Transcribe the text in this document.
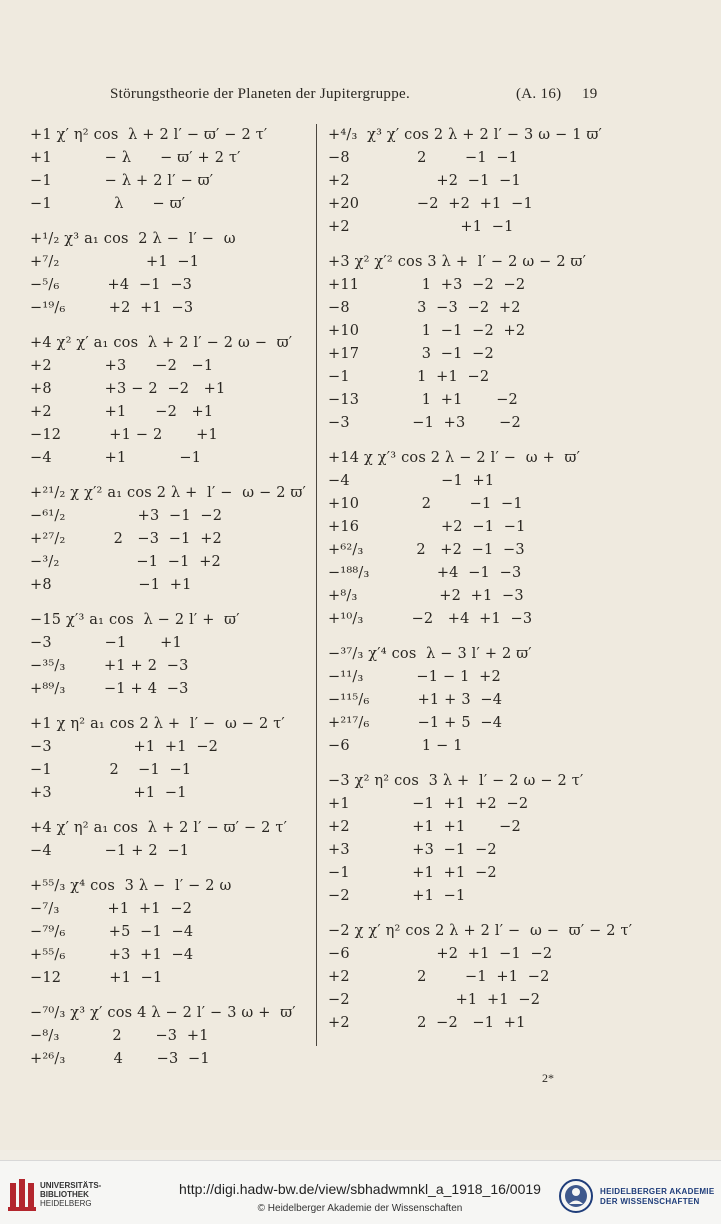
Störungstheorie der Planeten der Jupitergruppe.	(A. 16) 19
+1 χ′ η² cos  λ + 2 l′ − ϖ′ − 2 τ′
+1           − λ      − ϖ′ + 2 τ′
−1           − λ + 2 l′ − ϖ′
−1             λ      − ϖ′
+¹/₂ χ³ a₁ cos  2 λ −  l′ −  ω
+⁷/₂                  +1  −1
−⁵/₆          +4  −1  −3
−¹⁹/₆         +2  +1  −3
+4 χ² χ′ a₁ cos  λ + 2 l′ − 2 ω −  ϖ′
+2           +3      −2   −1
+8           +3 − 2  −2   +1
+2           +1      −2   +1
−12          +1 − 2       +1
−4           +1           −1
+²¹/₂ χ χ′² a₁ cos 2 λ +  l′ −  ω − 2 ϖ′
−⁶¹/₂               +3  −1  −2
+²⁷/₂          2   −3  −1  +2
−³/₂                −1  −1  +2
+8                  −1  +1
−15 χ′³ a₁ cos  λ − 2 l′ +  ϖ′
−3           −1       +1
−³⁵/₃        +1 + 2  −3
+⁸⁹/₃        −1 + 4  −3
+1 χ η² a₁ cos 2 λ +  l′ −  ω − 2 τ′
−3                 +1  +1  −2
−1            2    −1  −1
+3                 +1  −1
+4 χ′ η² a₁ cos  λ + 2 l′ − ϖ′ − 2 τ′
−4           −1 + 2  −1
+⁵⁵/₃ χ⁴ cos  3 λ −  l′ − 2 ω
−⁷/₃          +1  +1  −2
−⁷⁹/₆         +5  −1  −4
+⁵⁵/₆         +3  +1  −4
−12          +1  −1
−⁷⁰/₃ χ³ χ′ cos 4 λ − 2 l′ − 3 ω +  ϖ′
−⁸/₃           2       −3  +1
+²⁶/₃          4       −3  −1
+⁴/₃  χ³ χ′ cos 2 λ + 2 l′ − 3 ω − 1 ϖ′
−8              2        −1  −1
+2                  +2  −1  −1
+20            −2  +2  +1  −1
+2                       +1  −1
+3 χ² χ′² cos 3 λ +  l′ − 2 ω − 2 ϖ′
+11             1  +3  −2  −2
−8              3  −3  −2  +2
+10             1  −1  −2  +2
+17             3  −1  −2
−1              1  +1  −2
−13             1  +1       −2
−3             −1  +3       −2
+14 χ χ′³ cos 2 λ − 2 l′ −  ω +  ϖ′
−4                   −1  +1
+10             2        −1  −1
+16                 +2  −1  −1
+⁶²/₃           2   +2  −1  −3
−¹⁸⁸/₃              +4  −1  −3
+⁸/₃                 +2  +1  −3
+¹⁰/₃          −2   +4  +1  −3
−³⁷/₃ χ′⁴ cos  λ − 3 l′ + 2 ϖ′
−¹¹/₃           −1 − 1  +2
−¹¹⁵/₆          +1 + 3  −4
+²¹⁷/₆          −1 + 5  −4
−6               1 − 1
−3 χ² η² cos  3 λ +  l′ − 2 ω − 2 τ′
+1             −1  +1  +2  −2
+2             +1  +1       −2
+3             +3  −1  −2
−1             +1  +1  −2
−2             +1  −1
−2 χ χ′ η² cos 2 λ + 2 l′ −  ω −  ϖ′ − 2 τ′
−6                  +2  +1  −1  −2
+2              2        −1  +1  −2
−2                      +1  +1  −2
+2              2  −2   −1  +1
2*
UNIVERSITÄTS-
BIBLIOTHEK
HEIDELBERG
http://digi.hadw-bw.de/view/sbhadwmnkl_a_1918_16/0019
© Heidelberger Akademie der Wissenschaften
HEIDELBERGER AKADEMIE
DER WISSENSCHAFTEN
